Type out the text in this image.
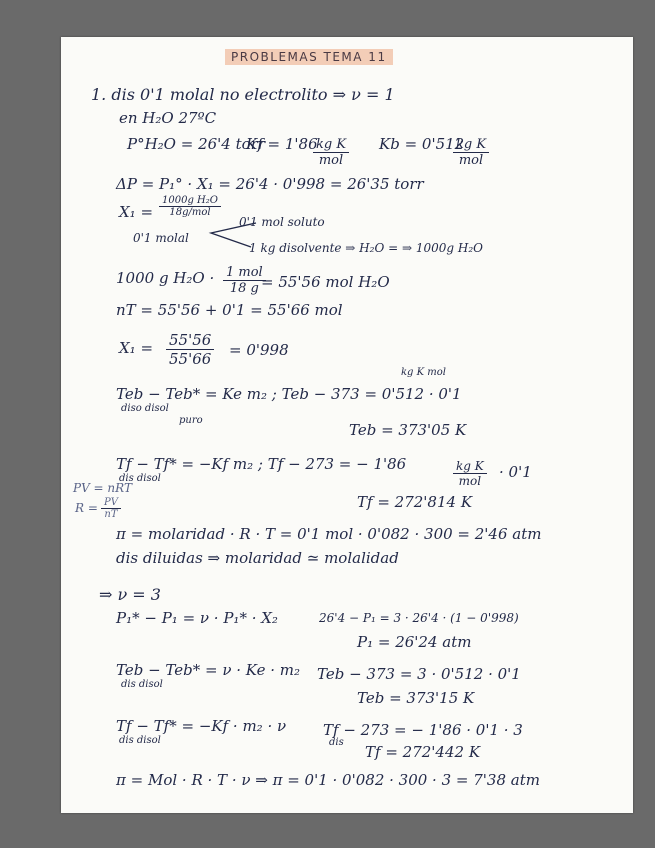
PROBLEMAS TEMA 11
1. dis 0'1 molal no electrolito ⇒ ν = 1
en H₂O 27ºC
P°H₂O = 26'4 torr
Kf = 1'86
kg K
mol
Kb = 0'512
kg K
mol
ΔP = P₁° · X₁ = 26'4 · 0'998 = 26'35 torr
X₁ =
1000g H₂O
18g/mol
0'1 mol soluto
0'1 molal
1 kg disolvente ⇒ H₂O = ⇒ 1000g H₂O
1000 g H₂O · 1 mol
18 g = 55'56 mol H₂O
nT = 55'56 + 0'1 = 55'66 mol
$X_1 = \frac{55'56}{55'66} = 0'998$
kg K mol
Teb − Teb* = Ke m₂ ; Teb − 373 = 0'512 · 0'1
diso disol
puro
Teb = 373'05 K
Tf − Tf* = −Kf m₂ ; Tf − 273 = − 1'86
dis disol
kg K
mol · 0'1
Tf = 272'814 K
PV = nRT
$R = \frac{PV}{nT}$
π = molaridad · R · T = 0'1 mol · 0'082 · 300 = 2'46 atm
dis diluidas ⇒ molaridad ≃ molalidad
⇒ ν = 3
P₁* − P₁ = ν · P₁* · X₂	26'4 − P₁ = 3 · 26'4 · (1 − 0'998)
P₁ = 26'24 atm
Teb − Teb* = ν · Ke · m₂
dis disol
Teb − 373 = 3 · 0'512 · 0'1
Teb = 373'15 K
Tf − Tf* = −Kf · m₂ · ν
dis disol
Tf − 273 = − 1'86 · 0'1 · 3
dis
Tf = 272'442 K
π = Mol · R · T · ν ⇒ π = 0'1 · 0'082 · 300 · 3 = 7'38 atm
